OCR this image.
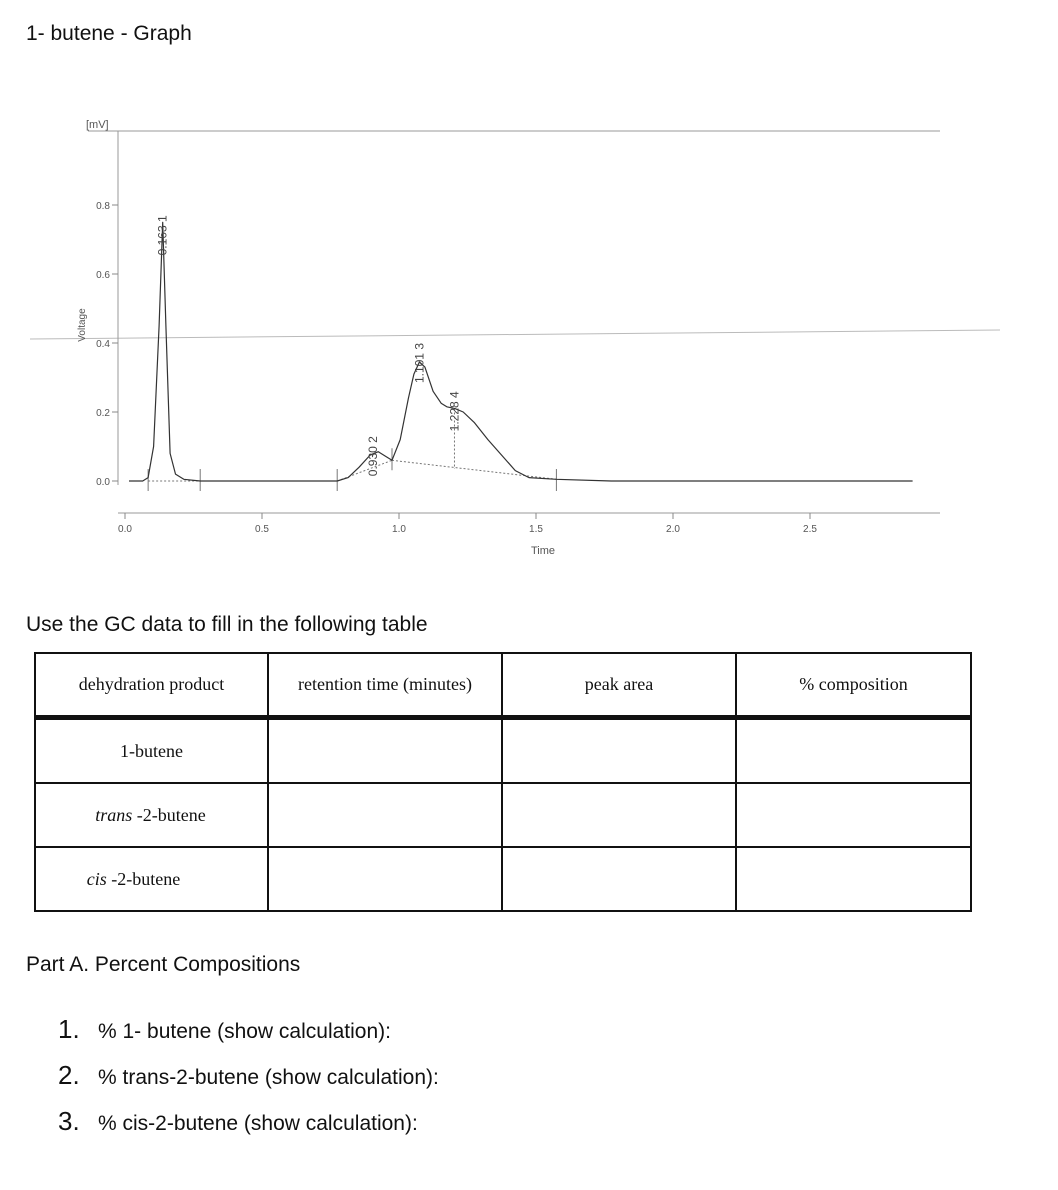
1- butene - Graph
[mV]
Voltage
Time
0.8
0.6
0.4
0.2
0.0
0.0	0.5	1.0	1.5	2.0	2.5
0.163 1
0.930 2
1.101 3
1.228 4
Use the GC data to fill in the following table
dehydration product	retention time (minutes)	peak area	% composition
1-butene			
trans -2-butene			
cis -2-butene			
Part A. Percent Compositions
1. % 1- butene (show calculation):
2. % trans-2-butene (show calculation):
3. % cis-2-butene (show calculation):
